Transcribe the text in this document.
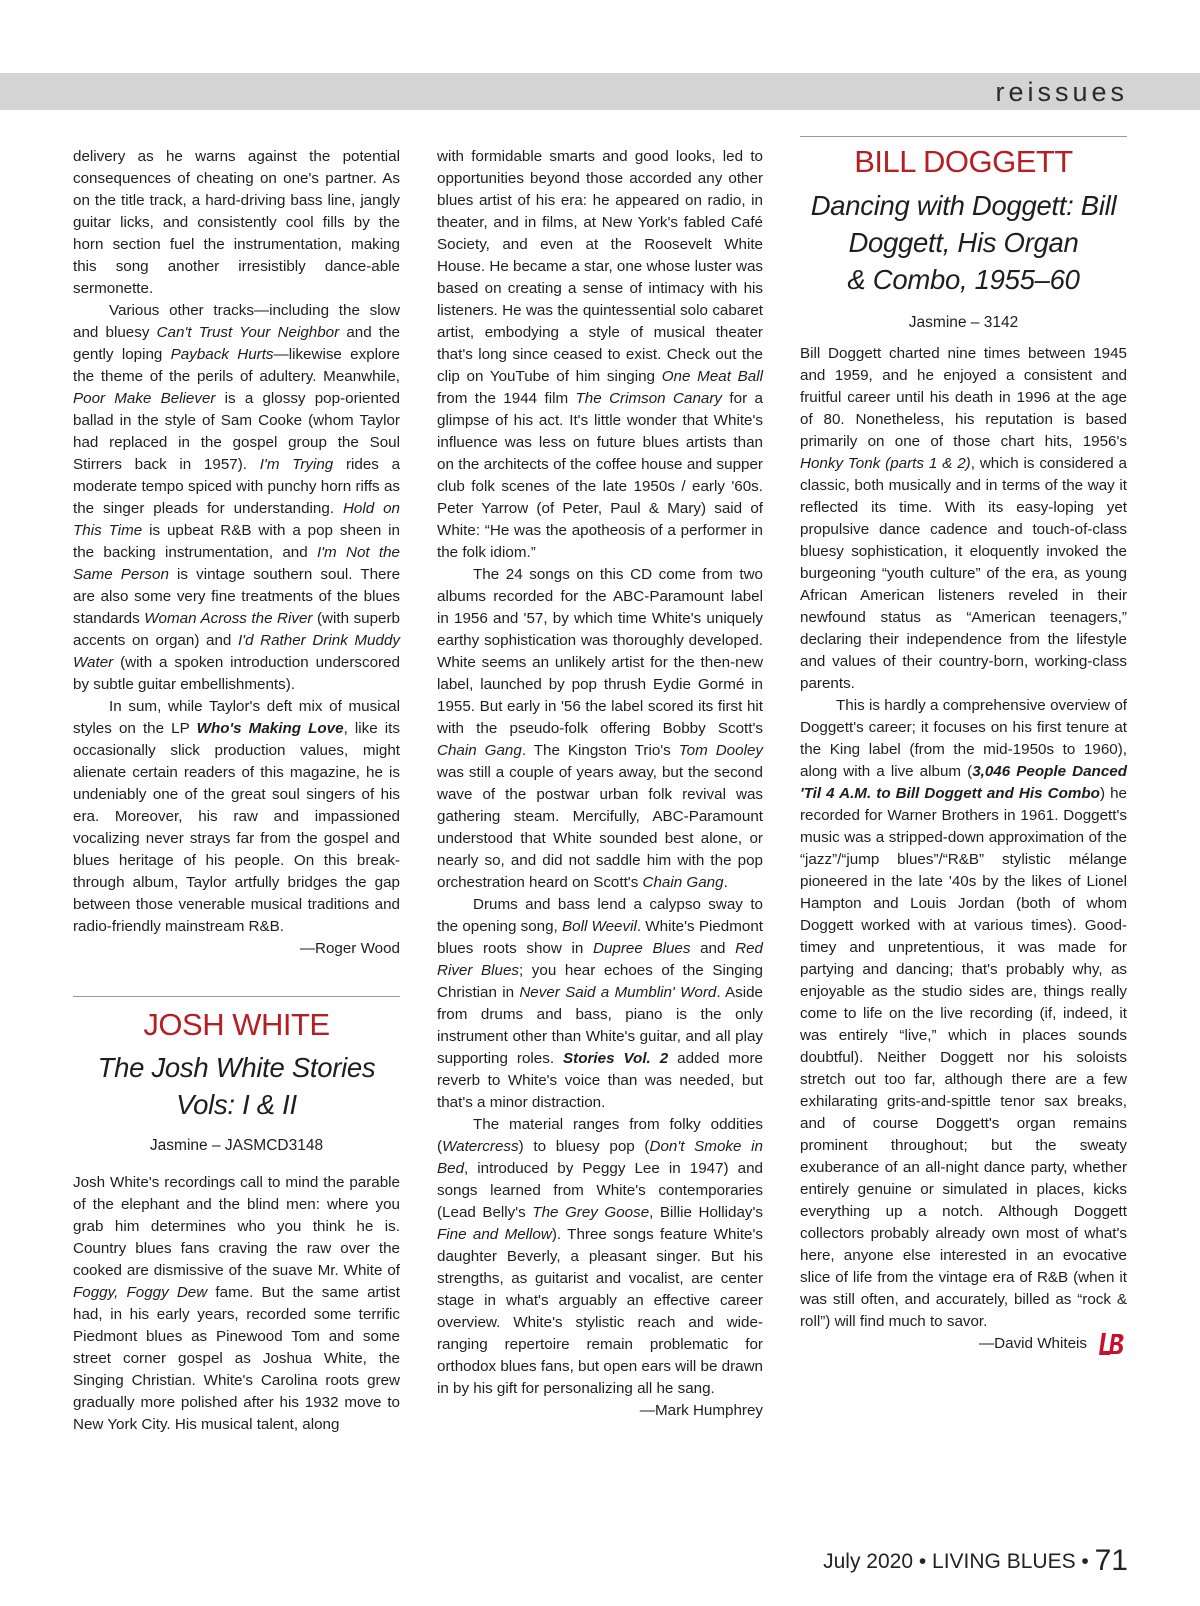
reissues

delivery as he warns against the potential consequences of cheating on one's partner. As on the title track, a hard-driving bass line, jangly guitar licks, and consistently cool fills by the horn section fuel the instrumentation, making this song another irresistibly dance-able sermonette.

Various other tracks—including the slow and bluesy Can't Trust Your Neighbor and the gently loping Payback Hurts—likewise explore the theme of the perils of adultery. Meanwhile, Poor Make Believer is a glossy pop-oriented ballad in the style of Sam Cooke (whom Taylor had replaced in the gospel group the Soul Stirrers back in 1957). I'm Trying rides a moderate tempo spiced with punchy horn riffs as the singer pleads for understanding. Hold on This Time is upbeat R&B with a pop sheen in the backing instrumentation, and I'm Not the Same Person is vintage southern soul. There are also some very fine treatments of the blues standards Woman Across the River (with superb accents on organ) and I'd Rather Drink Muddy Water (with a spoken introduction underscored by subtle guitar embellishments).

In sum, while Taylor's deft mix of musical styles on the LP Who's Making Love, like its occasionally slick production values, might alienate certain readers of this magazine, he is undeniably one of the great soul singers of his era. Moreover, his raw and impassioned vocalizing never strays far from the gospel and blues heritage of his people. On this break-through album, Taylor artfully bridges the gap between those venerable musical traditions and radio-friendly mainstream R&B.

—Roger Wood

JOSH WHITE
The Josh White Stories
Vols: I & II
Jasmine – JASMCD3148

Josh White's recordings call to mind the parable of the elephant and the blind men: where you grab him determines who you think he is. Country blues fans craving the raw over the cooked are dismissive of the suave Mr. White of Foggy, Foggy Dew fame. But the same artist had, in his early years, recorded some terrific Piedmont blues as Pinewood Tom and some street corner gospel as Joshua White, the Singing Christian. White's Carolina roots grew gradually more polished after his 1932 move to New York City. His musical talent, along

with formidable smarts and good looks, led to opportunities beyond those accorded any other blues artist of his era: he appeared on radio, in theater, and in films, at New York's fabled Café Society, and even at the Roosevelt White House. He became a star, one whose luster was based on creating a sense of intimacy with his listeners. He was the quintessential solo cabaret artist, embodying a style of musical theater that's long since ceased to exist. Check out the clip on YouTube of him singing One Meat Ball from the 1944 film The Crimson Canary for a glimpse of his act. It's little wonder that White's influence was less on future blues artists than on the architects of the coffee house and supper club folk scenes of the late 1950s / early '60s. Peter Yarrow (of Peter, Paul & Mary) said of White: “He was the apotheosis of a performer in the folk idiom.”

The 24 songs on this CD come from two albums recorded for the ABC-Paramount label in 1956 and '57, by which time White's uniquely earthy sophistication was thoroughly developed. White seems an unlikely artist for the then-new label, launched by pop thrush Eydie Gormé in 1955. But early in '56 the label scored its first hit with the pseudo-folk offering Bobby Scott's Chain Gang. The Kingston Trio's Tom Dooley was still a couple of years away, but the second wave of the postwar urban folk revival was gathering steam. Mercifully, ABC-Paramount understood that White sounded best alone, or nearly so, and did not saddle him with the pop orchestration heard on Scott's Chain Gang.

Drums and bass lend a calypso sway to the opening song, Boll Weevil. White's Piedmont blues roots show in Dupree Blues and Red River Blues; you hear echoes of the Singing Christian in Never Said a Mumblin' Word. Aside from drums and bass, piano is the only instrument other than White's guitar, and all play supporting roles. Stories Vol. 2 added more reverb to White's voice than was needed, but that's a minor distraction.

The material ranges from folky oddities (Watercress) to bluesy pop (Don't Smoke in Bed, introduced by Peggy Lee in 1947) and songs learned from White's contemporaries (Lead Belly's The Grey Goose, Billie Holliday's Fine and Mellow). Three songs feature White's daughter Beverly, a pleasant singer. But his strengths, as guitarist and vocalist, are center stage in what's arguably an effective career overview. White's stylistic reach and wide-ranging repertoire remain problematic for orthodox blues fans, but open ears will be drawn in by his gift for personalizing all he sang.

—Mark Humphrey

BILL DOGGETT
Dancing with Doggett: Bill
Doggett, His Organ
& Combo, 1955–60
Jasmine – 3142

Bill Doggett charted nine times between 1945 and 1959, and he enjoyed a consistent and fruitful career until his death in 1996 at the age of 80. Nonetheless, his reputation is based primarily on one of those chart hits, 1956's Honky Tonk (parts 1 & 2), which is considered a classic, both musically and in terms of the way it reflected its time. With its easy-loping yet propulsive dance cadence and touch-of-class bluesy sophistication, it eloquently invoked the burgeoning “youth culture” of the era, as young African American listeners reveled in their newfound status as “American teenagers,” declaring their independence from the lifestyle and values of their country-born, working-class parents.

This is hardly a comprehensive overview of Doggett's career; it focuses on his first tenure at the King label (from the mid-1950s to 1960), along with a live album (3,046 People Danced 'Til 4 A.M. to Bill Doggett and His Combo) he recorded for Warner Brothers in 1961. Doggett's music was a stripped-down approximation of the “jazz”/“jump blues”/“R&B” stylistic mélange pioneered in the late '40s by the likes of Lionel Hampton and Louis Jordan (both of whom Doggett worked with at various times). Good-timey and unpretentious, it was made for partying and dancing; that's probably why, as enjoyable as the studio sides are, things really come to life on the live recording (if, indeed, it was entirely “live,” which in places sounds doubtful). Neither Doggett nor his soloists stretch out too far, although there are a few exhilarating grits-and-spittle tenor sax breaks, and of course Doggett's organ remains prominent throughout; but the sweaty exuberance of an all-night dance party, whether entirely genuine or simulated in places, kicks everything up a notch. Although Doggett collectors probably already own most of what's here, anyone else interested in an evocative slice of life from the vintage era of R&B (when it was still often, and accurately, billed as “rock & roll”) will find much to savor.

—David Whiteis

July 2020 • LIVING BLUES • 71
